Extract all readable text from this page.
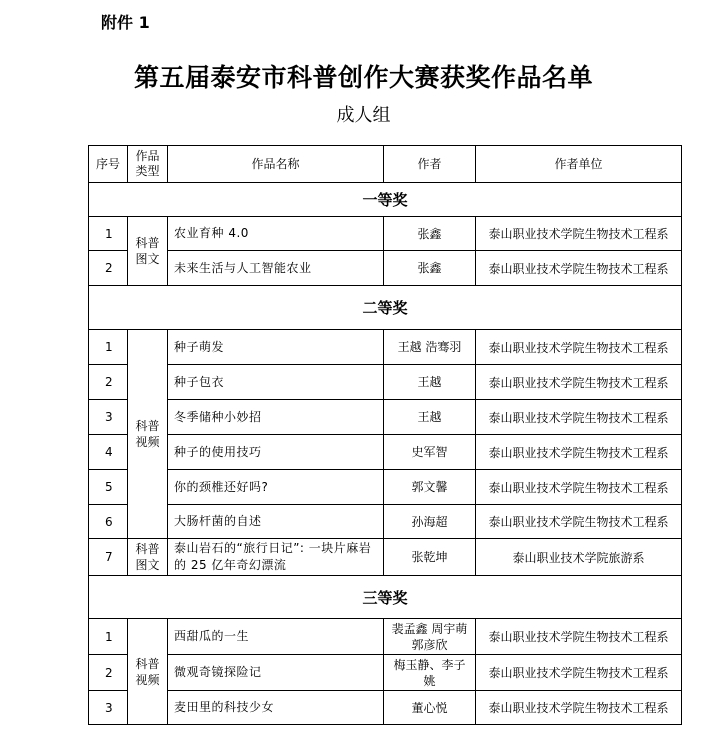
附件 1
第五届泰安市科普创作大赛获奖作品名单
成人组
序号	作品类型	作品名称	作者	作者单位
一等奖				
1	科普图文	农业育种 4.0	张鑫	泰山职业技术学院生物技术工程系
2		未来生活与人工智能农业	张鑫	泰山职业技术学院生物技术工程系
二等奖				
1	科普视频	种子萌发	王越 浩骞羽	泰山职业技术学院生物技术工程系
2		种子包衣	王越	泰山职业技术学院生物技术工程系
3		冬季储种小妙招	王越	泰山职业技术学院生物技术工程系
4		种子的使用技巧	史军智	泰山职业技术学院生物技术工程系
5		你的颈椎还好吗?	郭文馨	泰山职业技术学院生物技术工程系
6		大肠杆菌的自述	孙海超	泰山职业技术学院生物技术工程系
7	科普图文	泰山岩石的“旅行日记”: 一块片麻岩的 25 亿年奇幻漂流	张乾坤	泰山职业技术学院旅游系
三等奖				
1	科普视频	西甜瓜的一生	裴孟鑫 周宇萌 郭彦欣	泰山职业技术学院生物技术工程系
2		微观奇镜探险记	梅玉静、李子姚	泰山职业技术学院生物技术工程系
3		麦田里的科技少女	董心悦	泰山职业技术学院生物技术工程系
